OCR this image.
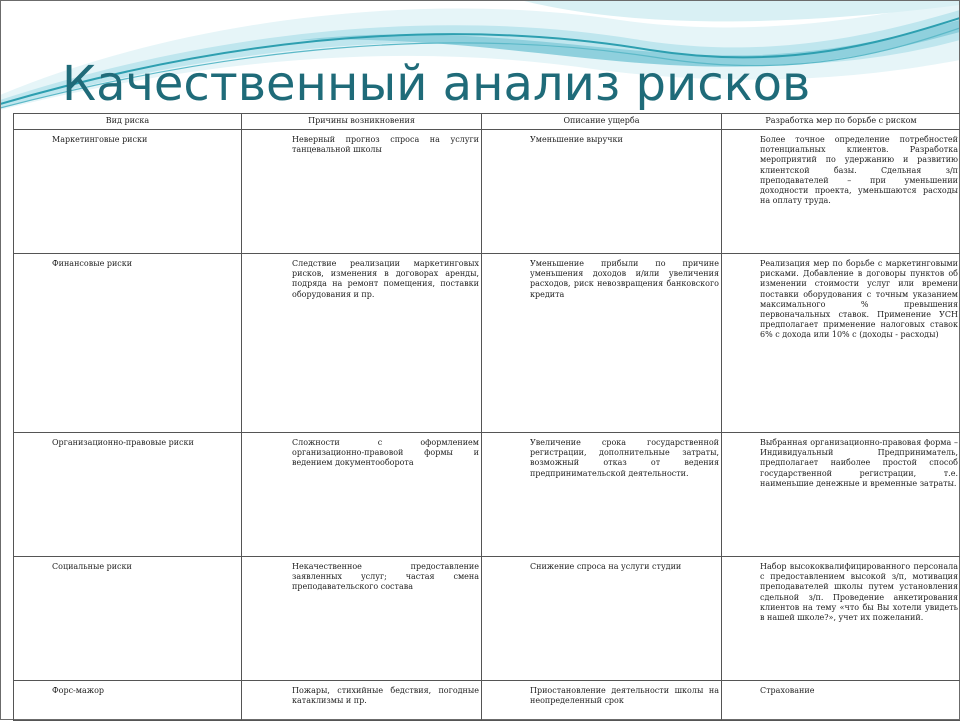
Качественный анализ рисков
Вид риска	Причины возникновения	Описание ущерба	Разработка мер по борьбе с риском

Маркетинговые риски	Неверный прогноз спроса на услуги танцевальной школы	Уменьшение выручки	Более точное определение потребностей потенциальных клиентов. Разработка мероприятий по удержанию и развитию клиентской базы. Сдельная з/п преподавателей – при уменьшении доходности проекта, уменьшаются расходы на оплату труда.

Финансовые риски	Следствие реализации маркетинговых рисков, изменения в договорах аренды, подряда на ремонт помещения, поставки оборудования и пр.	Уменьшение прибыли по причине уменьшения доходов и/или увеличения расходов, риск невозвращения банковского кредита	Реализация мер по борьбе с маркетинговыми рисками. Добавление в договоры пунктов об изменении стоимости услуг или времени поставки оборудования с точным указанием максимального % превышения первоначальных ставок. Применение УСН предполагает применение налоговых ставок 6% с дохода или 10% с (доходы - расходы)

Организационно-правовые риски	Сложности с оформлением организационно-правовой формы и ведением документооборота	Увеличение срока государственной регистрации, дополнительные затраты, возможный отказ от ведения предпринимательской деятельности.	Выбранная организационно-правовая форма – Индивидуальный Предприниматель, предполагает наиболее простой способ государственной регистрации, т.е. наименьшие денежные и временные затраты.

Социальные риски	Некачественное предоставление заявленных услуг; частая смена преподавательского состава	Снижение спроса на услуги студии	Набор высококвалифицированного персонала с предоставлением высокой з/п, мотивация преподавателей школы путем установления сдельной з/п. Проведение анкетирования клиентов на тему «что бы Вы хотели увидеть в нашей школе?», учет их пожеланий.

Форс-мажор	Пожары, стихийные бедствия, погодные катаклизмы и пр.	Приостановление деятельности школы на неопределенный срок	Страхование
